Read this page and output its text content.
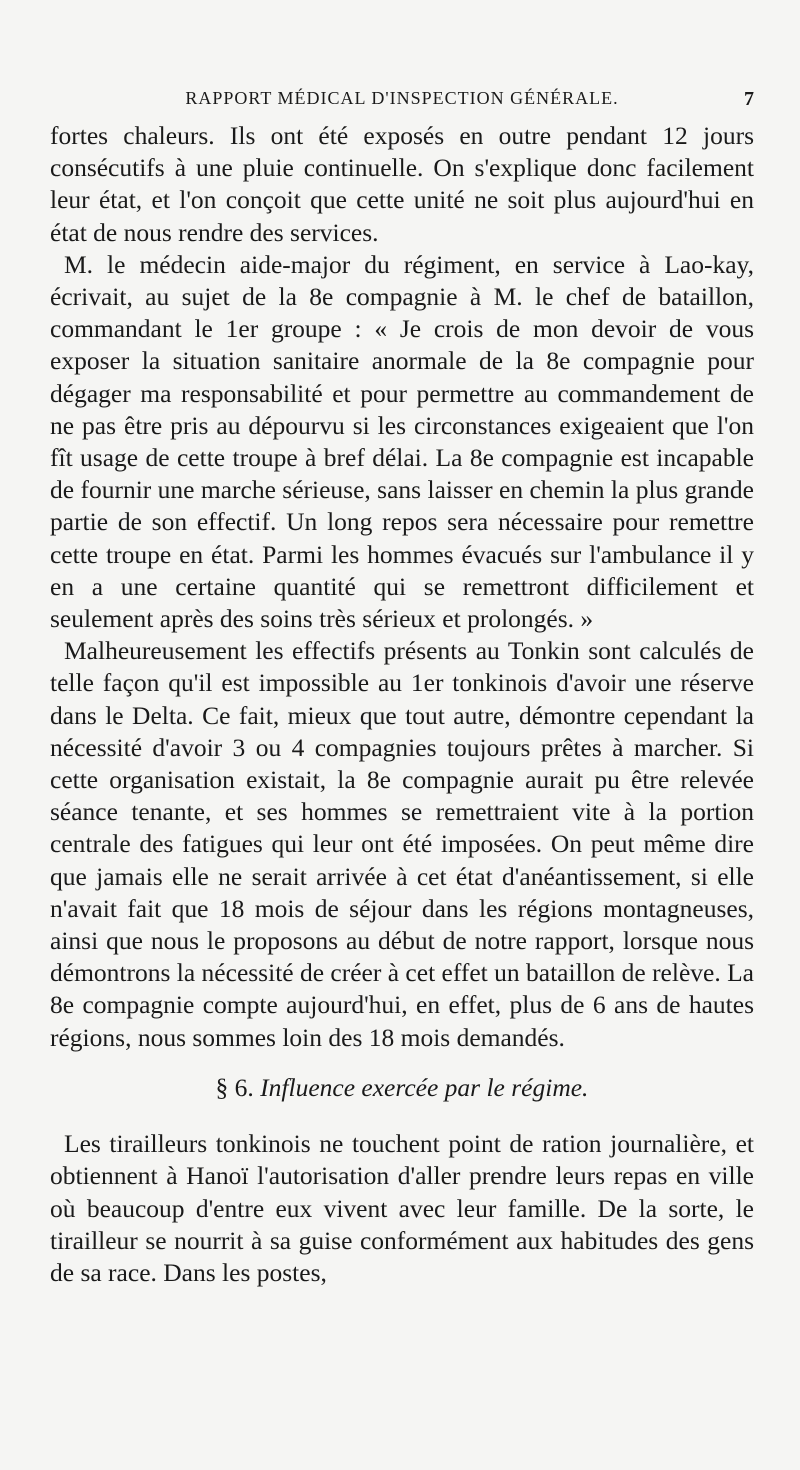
RAPPORT MÉDICAL D'INSPECTION GÉNÉRALE.	7

fortes chaleurs. Ils ont été exposés en outre pendant 12 jours consécutifs à une pluie continuelle. On s'explique donc facilement leur état, et l'on conçoit que cette unité ne soit plus aujourd'hui en état de nous rendre des services.

M. le médecin aide-major du régiment, en service à Lao-kay, écrivait, au sujet de la 8e compagnie à M. le chef de bataillon, commandant le 1er groupe : « Je crois de mon devoir de vous exposer la situation sanitaire anormale de la 8e compagnie pour dégager ma responsabilité et pour permettre au commandement de ne pas être pris au dépourvu si les circonstances exigeaient que l'on fît usage de cette troupe à bref délai. La 8e compagnie est incapable de fournir une marche sérieuse, sans laisser en chemin la plus grande partie de son effectif. Un long repos sera nécessaire pour remettre cette troupe en état. Parmi les hommes évacués sur l'ambulance il y en a une certaine quantité qui se remettront difficilement et seulement après des soins très sérieux et prolongés. »

Malheureusement les effectifs présents au Tonkin sont calculés de telle façon qu'il est impossible au 1er tonkinois d'avoir une réserve dans le Delta. Ce fait, mieux que tout autre, démontre cependant la nécessité d'avoir 3 ou 4 compagnies toujours prêtes à marcher. Si cette organisation existait, la 8e compagnie aurait pu être relevée séance tenante, et ses hommes se remettraient vite à la portion centrale des fatigues qui leur ont été imposées. On peut même dire que jamais elle ne serait arrivée à cet état d'anéantissement, si elle n'avait fait que 18 mois de séjour dans les régions montagneuses, ainsi que nous le proposons au début de notre rapport, lorsque nous démontrons la nécessité de créer à cet effet un bataillon de relève. La 8e compagnie compte aujourd'hui, en effet, plus de 6 ans de hautes régions, nous sommes loin des 18 mois demandés.

§ 6. Influence exercée par le régime.

Les tirailleurs tonkinois ne touchent point de ration journalière, et obtiennent à Hanoï l'autorisation d'aller prendre leurs repas en ville où beaucoup d'entre eux vivent avec leur famille. De la sorte, le tirailleur se nourrit à sa guise conformément aux habitudes des gens de sa race. Dans les postes,
